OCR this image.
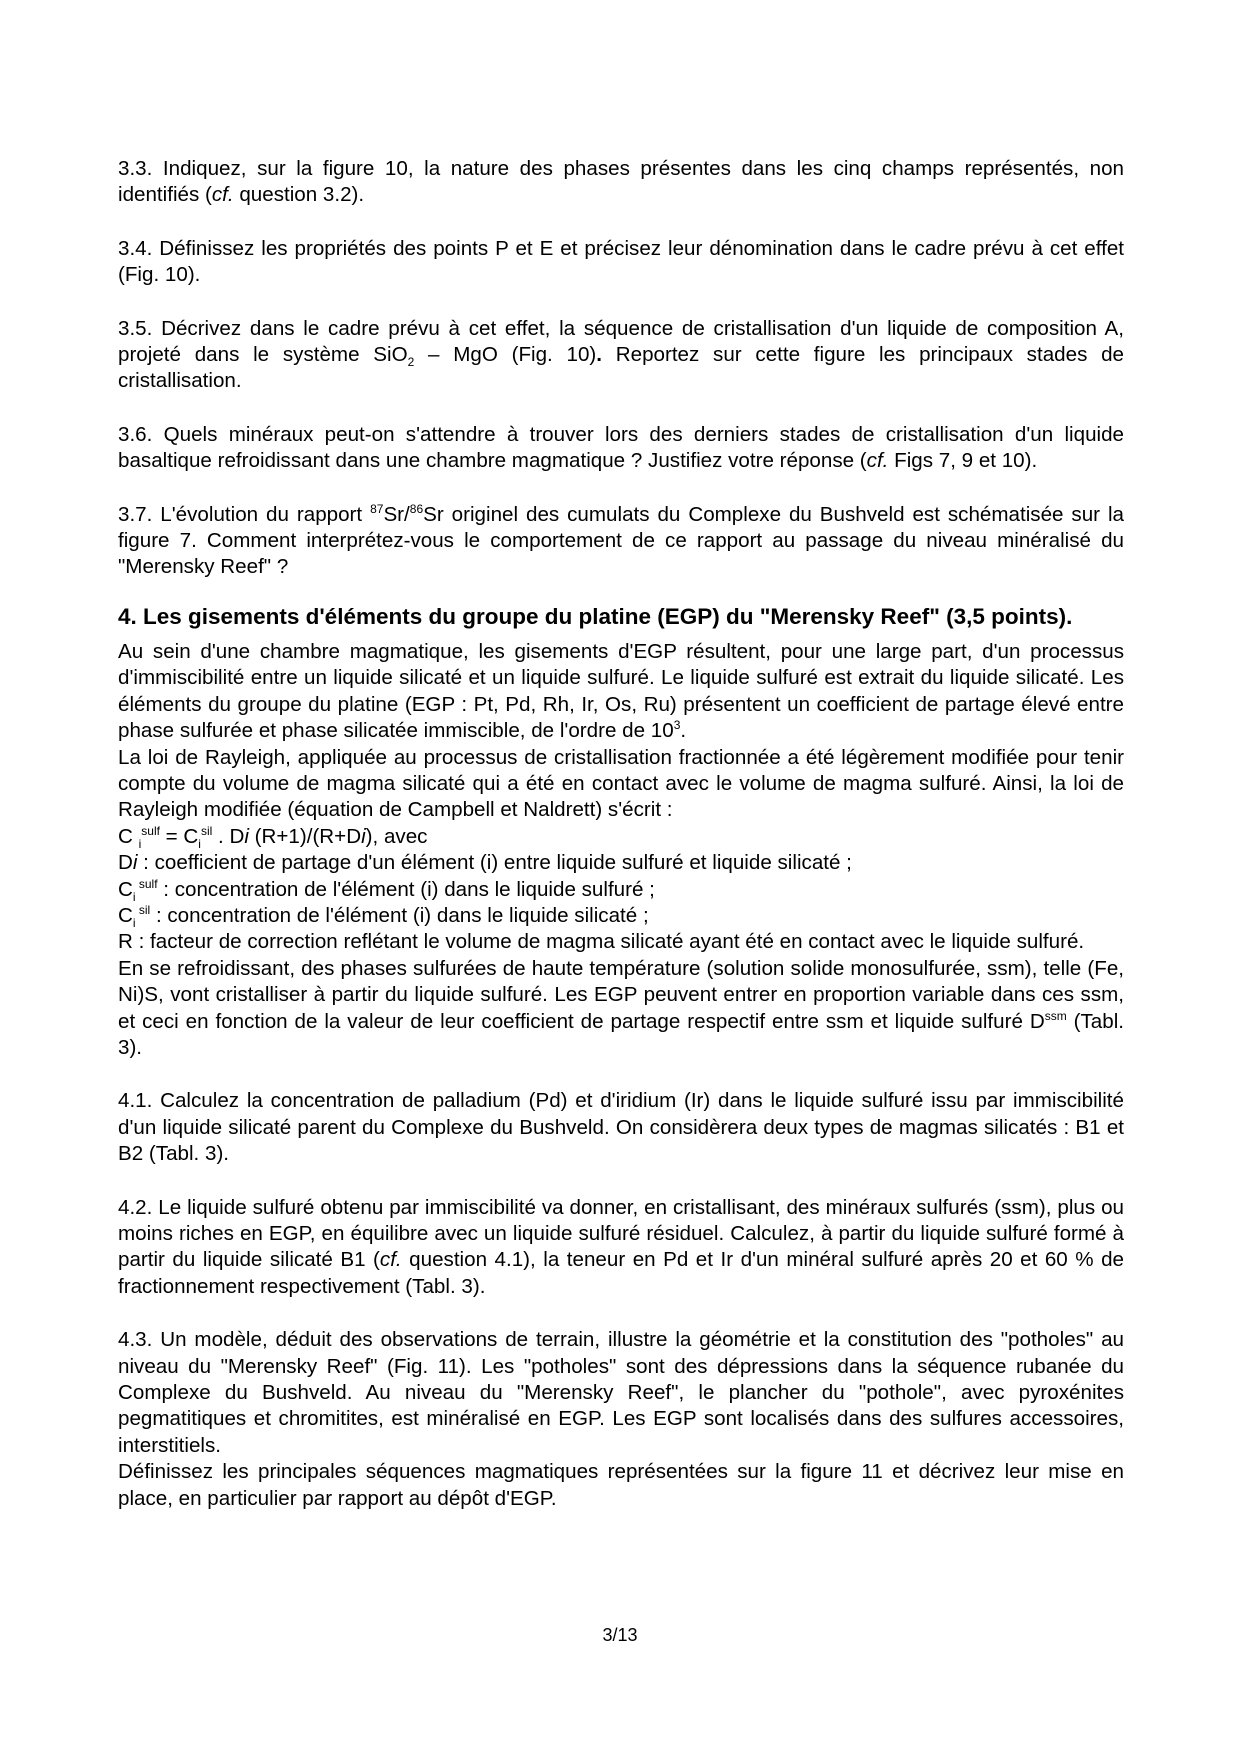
3.3. Indiquez, sur la figure 10, la nature des phases présentes dans les cinq champs représentés, non identifiés (cf. question 3.2).

3.4. Définissez les propriétés des points P et E et précisez leur dénomination dans le cadre prévu à cet effet (Fig. 10).

3.5. Décrivez dans le cadre prévu à cet effet, la séquence de cristallisation d'un liquide de composition A, projeté dans le système SiO$_2$ – MgO (Fig. 10). Reportez sur cette figure les principaux stades de cristallisation.

3.6. Quels minéraux peut-on s'attendre à trouver lors des derniers stades de cristallisation d'un liquide basaltique refroidissant dans une chambre magmatique ? Justifiez votre réponse (cf. Figs 7, 9 et 10).

3.7. L'évolution du rapport $^{87}$Sr/$^{86}$Sr originel des cumulats du Complexe du Bushveld est schématisée sur la figure 7. Comment interprétez-vous le comportement de ce rapport au passage du niveau minéralisé du "Merensky Reef" ?

4. Les gisements d'éléments du groupe du platine (EGP) du "Merensky Reef" (3,5 points).

Au sein d'une chambre magmatique, les gisements d'EGP résultent, pour une large part, d'un processus d'immiscibilité entre un liquide silicaté et un liquide sulfuré. Le liquide sulfuré est extrait du liquide silicaté. Les éléments du groupe du platine (EGP : Pt, Pd, Rh, Ir, Os, Ru) présentent un coefficient de partage élevé entre phase sulfurée et phase silicatée immiscible, de l'ordre de $10^3$.

La loi de Rayleigh, appliquée au processus de cristallisation fractionnée a été légèrement modifiée pour tenir compte du volume de magma silicaté qui a été en contact avec le volume de magma sulfuré. Ainsi, la loi de Rayleigh modifiée (équation de Campbell et Naldrett) s'écrit :

C $_i^{sulf} = C_i^{sil}$ . Di (R+1)/(R+Di), avec

Di : coefficient de partage d'un élément (i) entre liquide sulfuré et liquide silicaté ;

$C_i$ $^{sulf}$ : concentration de l'élément (i) dans le liquide sulfuré ;

$C_i$ $^{sil}$ : concentration de l'élément (i) dans le liquide silicaté ;

R : facteur de correction reflétant le volume de magma silicaté ayant été en contact avec le liquide sulfuré.

En se refroidissant, des phases sulfurées de haute température (solution solide monosulfurée, ssm), telle (Fe, Ni)S, vont cristalliser à partir du liquide sulfuré. Les EGP peuvent entrer en proportion variable dans ces ssm, et ceci en fonction de la valeur de leur coefficient de partage respectif entre ssm et liquide sulfuré $D^{ssm}$ (Tabl. 3).

4.1. Calculez la concentration de palladium (Pd) et d'iridium (Ir) dans le liquide sulfuré issu par immiscibilité d'un liquide silicaté parent du Complexe du Bushveld. On considèrera deux types de magmas silicatés : B1 et B2 (Tabl. 3).

4.2. Le liquide sulfuré obtenu par immiscibilité va donner, en cristallisant, des minéraux sulfurés (ssm), plus ou moins riches en EGP, en équilibre avec un liquide sulfuré résiduel. Calculez, à partir du liquide sulfuré formé à partir du liquide silicaté B1 (cf. question 4.1), la teneur en Pd et Ir d'un minéral sulfuré après 20 et 60 % de fractionnement respectivement (Tabl. 3).

4.3. Un modèle, déduit des observations de terrain, illustre la géométrie et la constitution des "potholes" au niveau du "Merensky Reef" (Fig. 11). Les "potholes" sont des dépressions dans la séquence rubanée du Complexe du Bushveld. Au niveau du "Merensky Reef", le plancher du "pothole", avec pyroxénites pegmatitiques et chromitites, est minéralisé en EGP. Les EGP sont localisés dans des sulfures accessoires, interstitiels.

Définissez les principales séquences magmatiques représentées sur la figure 11 et décrivez leur mise en place, en particulier par rapport au dépôt d'EGP.

3/13
